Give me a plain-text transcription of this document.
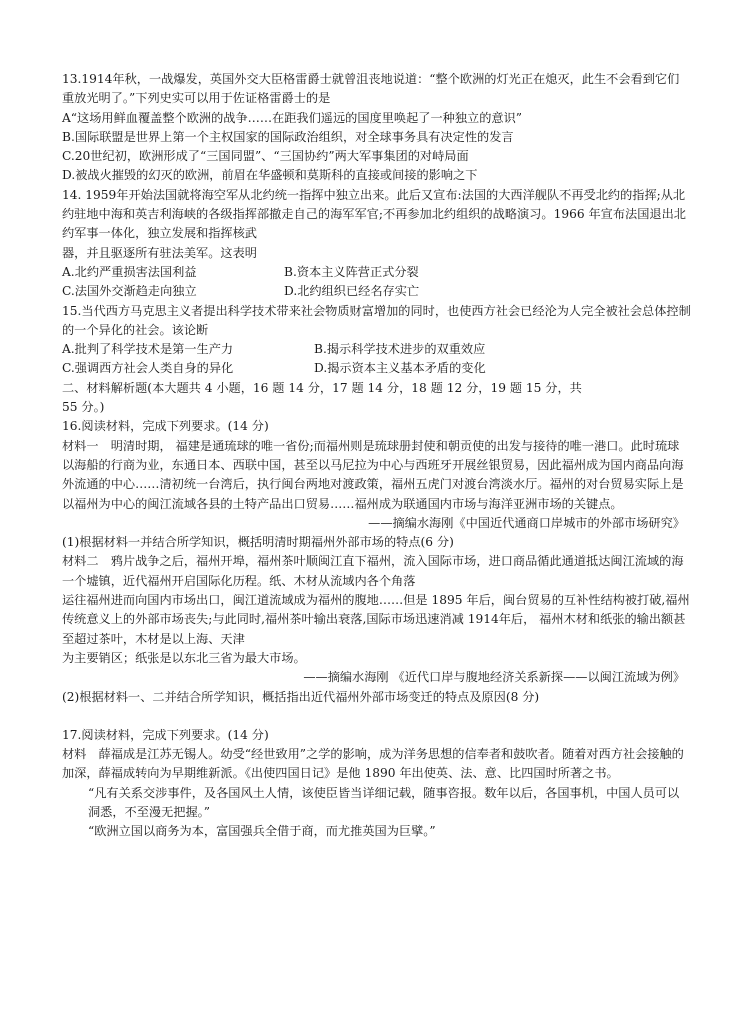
13.1914年秋，一战爆发，英国外交大臣格雷爵士就曾沮丧地说道：“整个欧洲的灯光正在熄灭，此生不会看到它们重放光明了。”下列史实可以用于佐证格雷爵士的是

A“这场用鲜血覆盖整个欧洲的战争……在距我们遥远的国度里唤起了一种独立的意识”

B.国际联盟是世界上第一个主权国家的国际政治组织，对全球事务具有决定性的发言

C.20世纪初，欧洲形成了“三国同盟”、“三国协约”两大军事集团的对峙局面

D.被战火摧毁的幻灭的欧洲，前眉在华盛顿和莫斯科的直接或间接的影响之下

14. 1959年开始法国就将海空军从北约统一指挥中独立出来。此后又宣布:法国的大西洋舰队不再受北约的指挥;从北约驻地中海和英吉利海峡的各级指挥部撤走自己的海军军官;不再参加北约组织的战略演习。1966 年宣布法国退出北约军事一体化，独立发展和指挥核武

器，并且驱逐所有驻法美军。这表明

A.北约严重损害法国利益	B.资本主义阵营正式分裂
C.法国外交渐趋走向独立	D.北约组织已经名存实亡

15.当代西方马克思主义者提出科学技术带来社会物质财富增加的同时，也使西方社会已经沦为人完全被社会总体控制的一个异化的社会。该论断

A.批判了科学技术是第一生产力	B.揭示科学技术进步的双重效应
C.强调西方社会人类自身的异化	D.揭示资本主义基本矛盾的变化

二、材料解析题(本大题共 4 小题，16 题 14 分，17 题 14 分，18 题 12 分，19 题 15 分，共

55 分。)

16.阅读材料，完成下列要求。(14 分)

材料一　明清时期， 福建是通琉球的唯一省份;而福州则是琉球册封使和朝贡使的出发与接待的唯一港口。此时琉球以海船的行商为业，东通日本、西联中国，甚至以马尼拉为中心与西班牙开展丝银贸易，因此福州成为国内商品向海外流通的中心……清初统一台湾后，执行闽台两地对渡政策，福州五虎门对渡台湾淡水厅。福州的对台贸易实际上是以福州为中心的闽江流域各县的土特产品出口贸易……福州成为联通国内市场与海洋亚洲市场的关键点。

——摘编水海刚《中国近代通商口岸城市的外部市场研究》

(1)根据材料一并结合所学知识，概括明清时期福州外部市场的特点(6 分)

材料二　鸦片战争之后，福州开埠，福州茶叶顺闽江直下福州，流入国际市场，进口商品循此通道抵达闽江流域的海一个墟镇，近代福州开启国际化历程。纸、木材从流域内各个角落

运往福州进而向国内市场出口，闽江道流域成为福州的腹地……但是 1895 年后，闽台贸易的互补性结构被打破,福州传统意义上的外部市场丧失;与此同时,福州茶叶输出衰落,国际市场迅速消减 1914年后， 福州木材和纸张的输出额甚至超过茶叶，木材是以上海、天津

为主要销区；纸张是以东北三省为最大市场。

——摘编水海刚 《近代口岸与腹地经济关系新探——以闽江流域为例》

(2)根据材料一、二并结合所学知识，概括指出近代福州外部市场变迁的特点及原因(8 分)

17.阅读材料，完成下列要求。(14 分)

材料　薛福成是江苏无锡人。幼受“经世致用”之学的影响，成为洋务思想的信奉者和鼓吹者。随着对西方社会接触的加深，薛福成转向为早期维新派。《出使四国日记》是他 1890 年出使英、法、意、比四国时所著之书。

“凡有关系交涉事件，及各国风土人情，该使臣皆当详细记载，随事咨报。数年以后，各国事机，中国人员可以洞悉，不至漫无把握。”

“欧洲立国以商务为本，富国强兵全借于商，而尤推英国为巨擘。”
